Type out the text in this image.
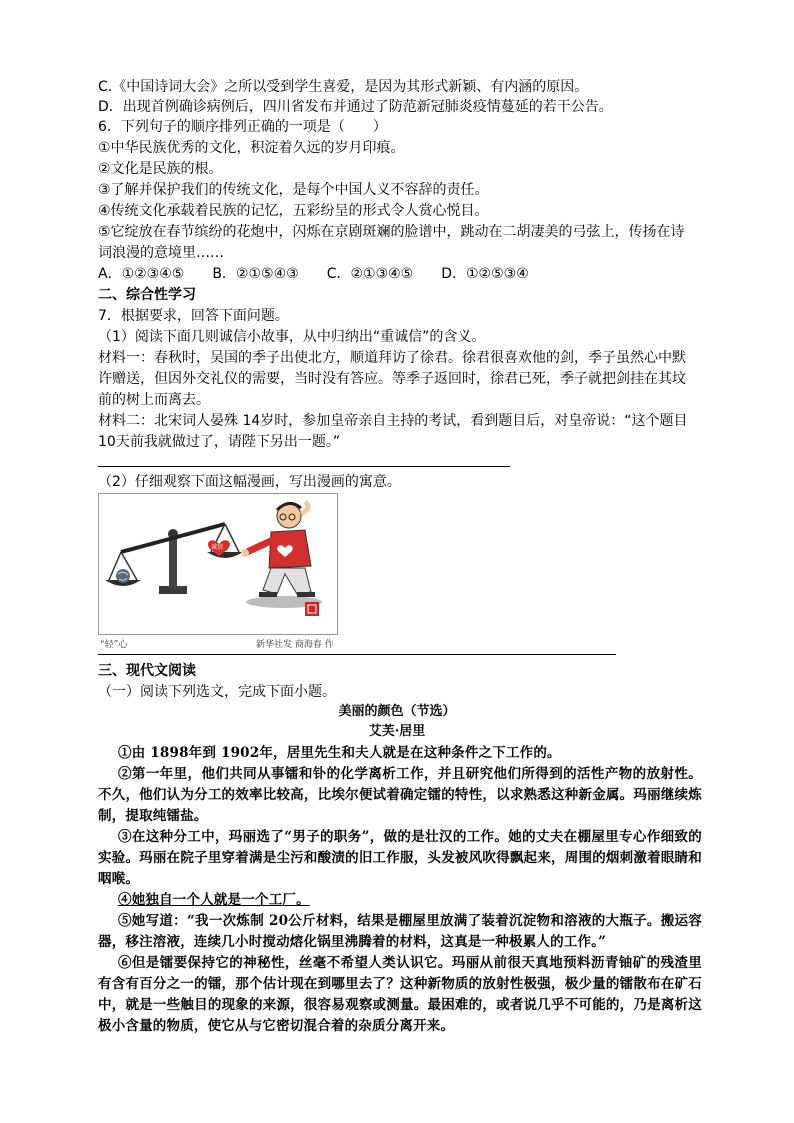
C.《中国诗词大会》之所以受到学生喜爱，是因为其形式新颖、有内涵的原因。
D．出现首例确诊病例后，四川省发布并通过了防范新冠肺炎疫情蔓延的若干公告。
6．下列句子的顺序排列正确的一项是（　　）
①中华民族优秀的文化，积淀着久远的岁月印痕。
②文化是民族的根。
③了解并保护我们的传统文化，是每个中国人义不容辞的责任。
④传统文化承载着民族的记忆，五彩纷呈的形式令人赏心悦目。
⑤它绽放在春节缤纷的花炮中，闪烁在京剧斑斓的脸谱中，跳动在二胡凄美的弓弦上，传扬在诗
词浪漫的意境里……
A．①②③④⑤　　B．②①⑤④③　　C．②①③④⑤　　D．①②⑤③④
二、综合性学习
7．根据要求，回答下面问题。
（1）阅读下面几则诚信小故事，从中归纳出“重诚信”的含义。
材料一：春秋时，吴国的季子出使北方，顺道拜访了徐君。徐君很喜欢他的剑，季子虽然心中默
许赠送，但因外交礼仪的需要，当时没有答应。等季子返回时，徐君已死，季子就把剑挂在其坟
前的树上而离去。
材料二：北宋词人晏殊 14岁时，参加皇帝亲自主持的考试，看到题目后，对皇帝说：“这个题目
10天前我就做过了，请陛下另出一题。”
（2）仔细观察下面这幅漫画，写出漫画的寓意。
诚信
“轻”心	新华社发 商海春 作
三、现代文阅读
（一）阅读下列选文，完成下面小题。
美丽的颜色（节选）
艾芙·居里

①由 1898年到 1902年，居里先生和夫人就是在这种条件之下工作的。

②第一年里，他们共同从事镭和钋的化学离析工作，并且研究他们所得到的活性产物的放射性。不久，他们认为分工的效率比较高，比埃尔便试着确定镭的特性，以求熟悉这种新金属。玛丽继续炼制，提取纯镭盐。

③在这种分工中，玛丽选了“男子的职务”，做的是壮汉的工作。她的丈夫在棚屋里专心作细致的实验。玛丽在院子里穿着满是尘污和酸渍的旧工作服，头发被风吹得飘起来，周围的烟刺激着眼睛和咽喉。

④她独自一个人就是一个工厂。

⑤她写道：“我一次炼制 20公斤材料，结果是棚屋里放满了装着沉淀物和溶液的大瓶子。搬运容器，移注溶液，连续几小时搅动熔化锅里沸腾着的材料，这真是一种极累人的工作。”

⑥但是镭要保持它的神秘性，丝毫不希望人类认识它。玛丽从前很天真地预料沥青铀矿的残渣里有含有百分之一的镭，那个估计现在到哪里去了？这种新物质的放射性极强，极少量的镭散布在矿石中，就是一些触目的现象的来源，很容易观察或测量。最困难的，或者说几乎不可能的，乃是离析这极小含量的物质，使它从与它密切混合着的杂质分离开来。
